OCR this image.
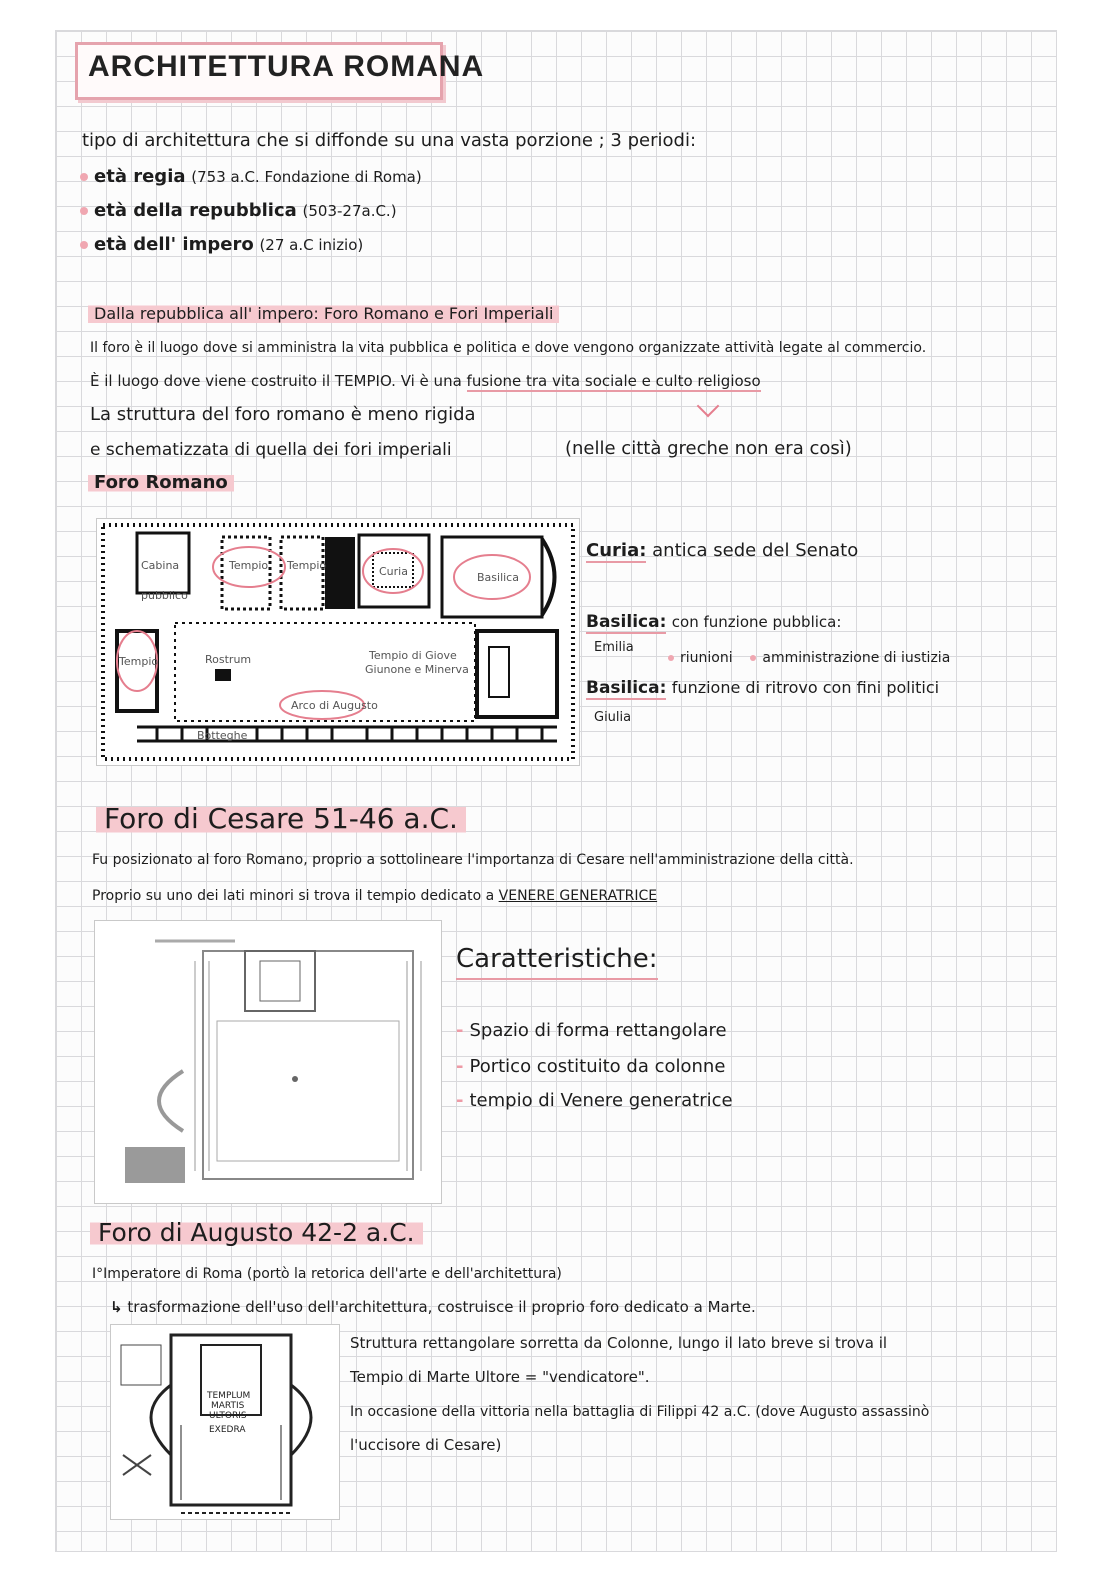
ARCHITETTURA ROMANA
tipo di architettura che si diffonde su una vasta porzione ; 3 periodi:
età regia (753 a.C. Fondazione di Roma)
età della repubblica (503-27a.C.)
età dell' impero (27 a.C inizio)
Dalla repubblica all' impero: Foro Romano e Fori Imperiali
Il foro è il luogo dove si amministra la vita pubblica e politica e dove vengono organizzate attività legate al commercio.
È il luogo dove viene costruito il TEMPIO. Vi è una fusione tra vita sociale e culto religioso
La struttura del foro romano è meno rigida
e schematizzata di quella dei fori imperiali	(nelle città greche non era così)
Foro Romano
Cabina
pubblico
Tempio Tempio	Curia	Basilica
Tempio	Rostrum	Tempio di Giove
Giunone e Minerva
Arco di Augusto
Botteghe
Curia: antica sede del Senato
Basilica: con funzione pubblica:
Emilia
riunioni amministrazione di iustizia
Basilica: funzione di ritrovo con fini politici
Giulia
Foro di Cesare 51-46 a.C.
Fu posizionato al foro Romano, proprio a sottolineare l'importanza di Cesare nell'amministrazione della città.
Proprio su uno dei lati minori si trova il tempio dedicato a VENERE GENERATRICE
Caratteristiche:
- Spazio di forma rettangolare
- Portico costituito da colonne
- tempio di Venere generatrice
Foro di Augusto 42-2 a.C.
I°Imperatore di Roma (portò la retorica dell'arte e dell'architettura)
↳ trasformazione dell'uso dell'architettura, costruisce il proprio foro dedicato a Marte.
TEMPLUM
MARTIS
ULTORIS
EXEDRA
Struttura rettangolare sorretta da Colonne, lungo il lato breve si trova il
Tempio di Marte Ultore = "vendicatore".
In occasione della vittoria nella battaglia di Filippi 42 a.C. (dove Augusto assassinò
l'uccisore di Cesare)
